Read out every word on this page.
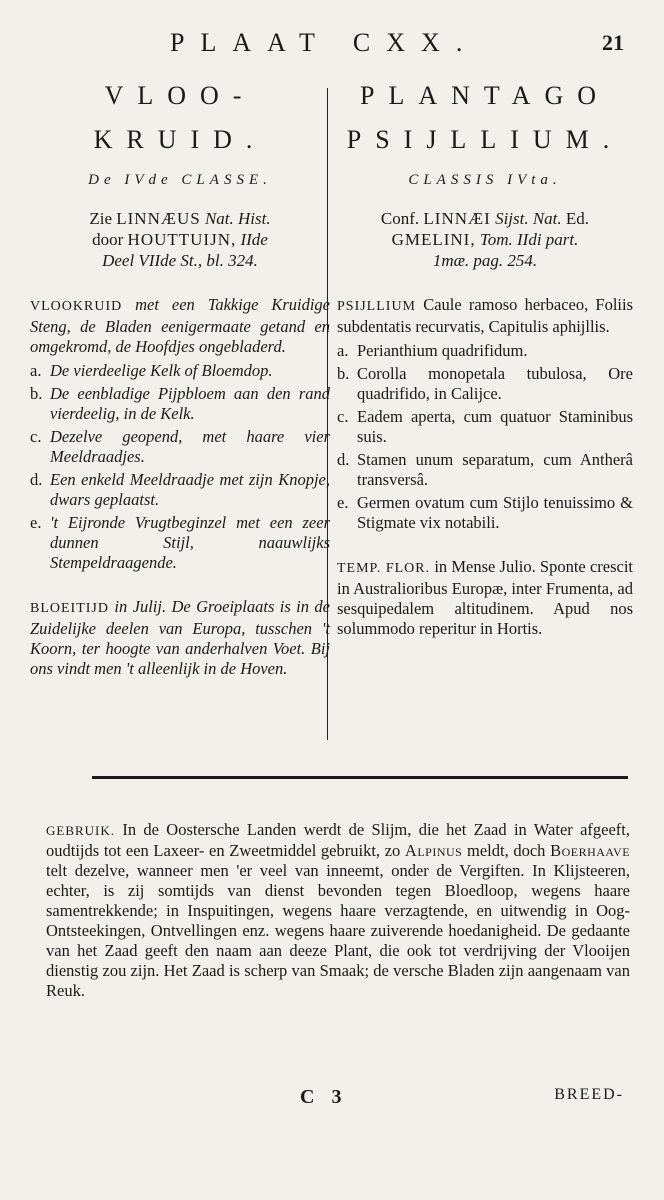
PLAAT CXX.	21
VLOO-
KRUID.
De IVde CLASSE.
Zie LINNÆUS Nat. Hist.
door HOUTTUIJN, IIde
Deel VIIde St., bl. 324.
VLOOKRUID met een Takkige Kruidige Steng, de Bladen eenigermaate getand en omgekromd, de Hoofdjes ongebladerd.
a. De vierdeelige Kelk of Bloemdop.
b. De eenbladige Pijpbloem aan den rand vierdeelig, in de Kelk.
c. Dezelve geopend, met haare vier Meeldraadjes.
d. Een enkeld Meeldraadje met zijn Knopje, dwars geplaatst.
e. 't Eijronde Vrugtbeginzel met een zeer dunnen Stijl, naauwlijks Stempeldraagende.
BLOEITIJD in Julij. De Groeiplaats is in de Zuidelijke deelen van Europa, tusschen 't Koorn, ter hoogte van anderhalven Voet. Bij ons vindt men 't alleenlijk in de Hoven.
PLANTAGO
PSIJLLIUM.
CLASSIS IVta.
Conf. LINNÆI Sijst. Nat. Ed.
GMELINI, Tom. IIdi part.
1mæ. pag. 254.
PSIJLLIUM Caule ramoso herbaceo, Foliis subdentatis recurvatis, Capitulis aphijllis.
a. Perianthium quadrifidum.
b. Corolla monopetala tubulosa, Ore quadrifido, in Calijce.
c. Eadem aperta, cum quatuor Staminibus suis.
d. Stamen unum separatum, cum Antherâ transversâ.
e. Germen ovatum cum Stijlo tenuissimo & Stigmate vix notabili.
TEMP. FLOR. in Mense Julio. Sponte crescit in Australioribus Europæ, inter Frumenta, ad sesquipedalem altitudinem. Apud nos solummodo reperitur in Hortis.
GEBRUIK. In de Oostersche Landen werdt de Slijm, die het Zaad in Water afgeeft, oudtijds tot een Laxeer- en Zweetmiddel gebruikt, zo Alpinus meldt, doch Boerhaave telt dezelve, wanneer men 'er veel van inneemt, onder de Vergiften. In Klijsteeren, echter, is zij somtijds van dienst bevonden tegen Bloedloop, wegens haare samentrekkende; in Inspuitingen, wegens haare verzagtende, en uitwendig in Oog-Ontsteekingen, Ontvellingen enz. wegens haare zuiverende hoedanigheid. De gedaante van het Zaad geeft den naam aan deeze Plant, die ook tot verdrijving der Vlooijen dienstig zou zijn. Het Zaad is scherp van Smaak; de versche Bladen zijn aangenaam van Reuk.
C 3	BREED-
